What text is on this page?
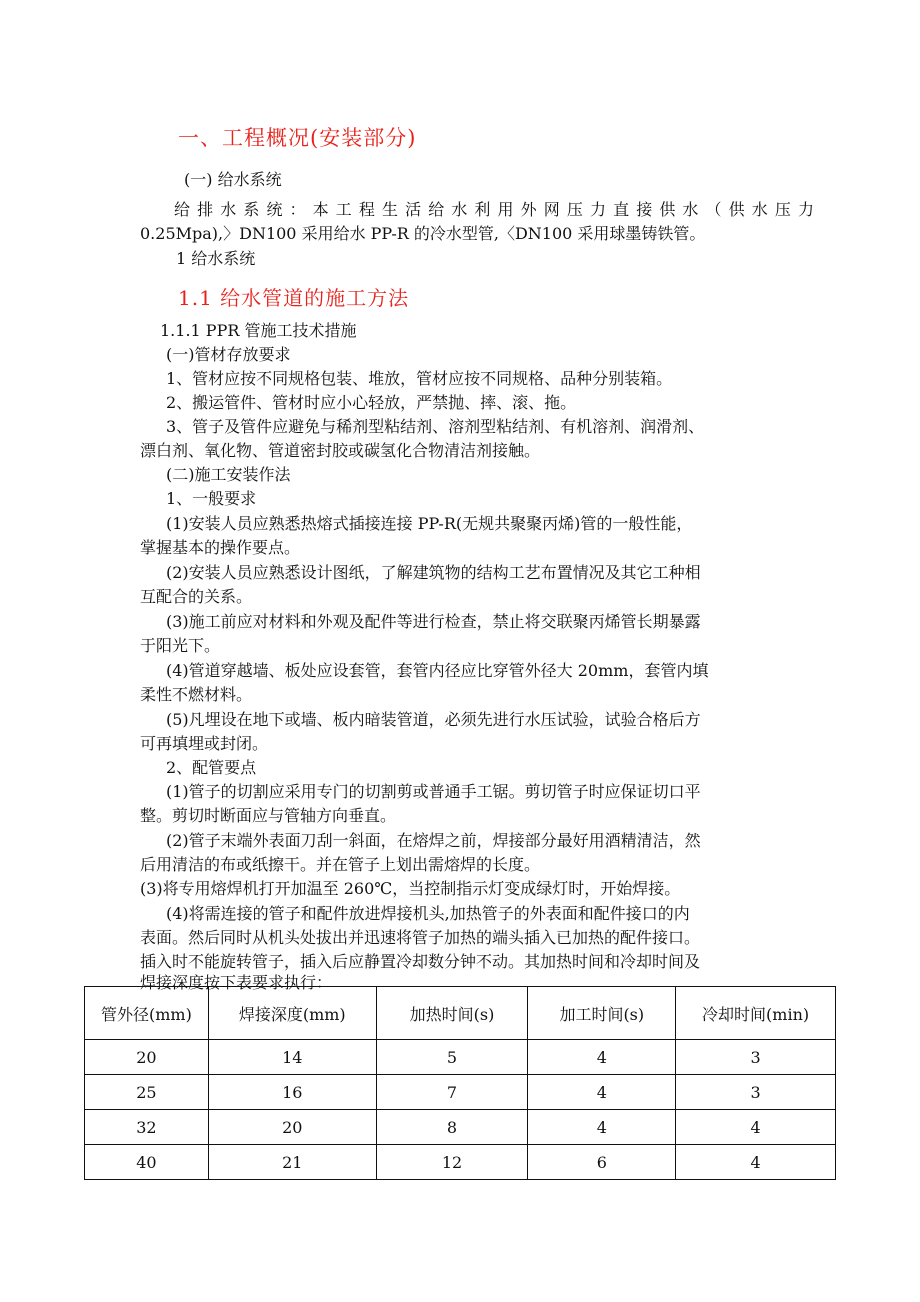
一、工程概况(安装部分)
(一) 给水系统
给排水系统：本工程生活给水利用外网压力直接供水（供水压力
0.25Mpa),〉DN100 采用给水 PP-R 的冷水型管,〈DN100 采用球墨铸铁管。
1 给水系统
1.1 给水管道的施工方法
1.1.1 PPR 管施工技术措施
(一)管材存放要求
1、管材应按不同规格包装、堆放，管材应按不同规格、品种分别装箱。
2、搬运管件、管材时应小心轻放，严禁抛、摔、滚、拖。
3、管子及管件应避免与稀剂型粘结剂、溶剂型粘结剂、有机溶剂、润滑剂、
漂白剂、氧化物、管道密封胶或碳氢化合物清洁剂接触。
(二)施工安装作法
1、一般要求
(1)安装人员应熟悉热熔式插接连接 PP-R(无规共聚聚丙烯)管的一般性能，
掌握基本的操作要点。
(2)安装人员应熟悉设计图纸，了解建筑物的结构工艺布置情况及其它工种相
互配合的关系。
(3)施工前应对材料和外观及配件等进行检查，禁止将交联聚丙烯管长期暴露
于阳光下。
(4)管道穿越墙、板处应设套管，套管内径应比穿管外径大 20mm，套管内填
柔性不燃材料。
(5)凡埋设在地下或墙、板内暗装管道，必须先进行水压试验，试验合格后方
可再填埋或封闭。
2、配管要点
(1)管子的切割应采用专门的切割剪或普通手工锯。剪切管子时应保证切口平
整。剪切时断面应与管轴方向垂直。
(2)管子末端外表面刀刮一斜面，在熔焊之前，焊接部分最好用酒精清洁，然
后用清洁的布或纸擦干。并在管子上划出需熔焊的长度。
(3)将专用熔焊机打开加温至 260℃，当控制指示灯变成绿灯时，开始焊接。
(4)将需连接的管子和配件放进焊接机头,加热管子的外表面和配件接口的内
表面。然后同时从机头处拔出并迅速将管子加热的端头插入已加热的配件接口。
插入时不能旋转管子，插入后应静置冷却数分钟不动。其加热时间和冷却时间及
焊接深度按下表要求执行：
管外径(mm)	焊接深度(mm)	加热时间(s)	加工时间(s)	冷却时间(min)
20	14	5	4	3
25	16	7	4	3
32	20	8	4	4
40	21	12	6	4
